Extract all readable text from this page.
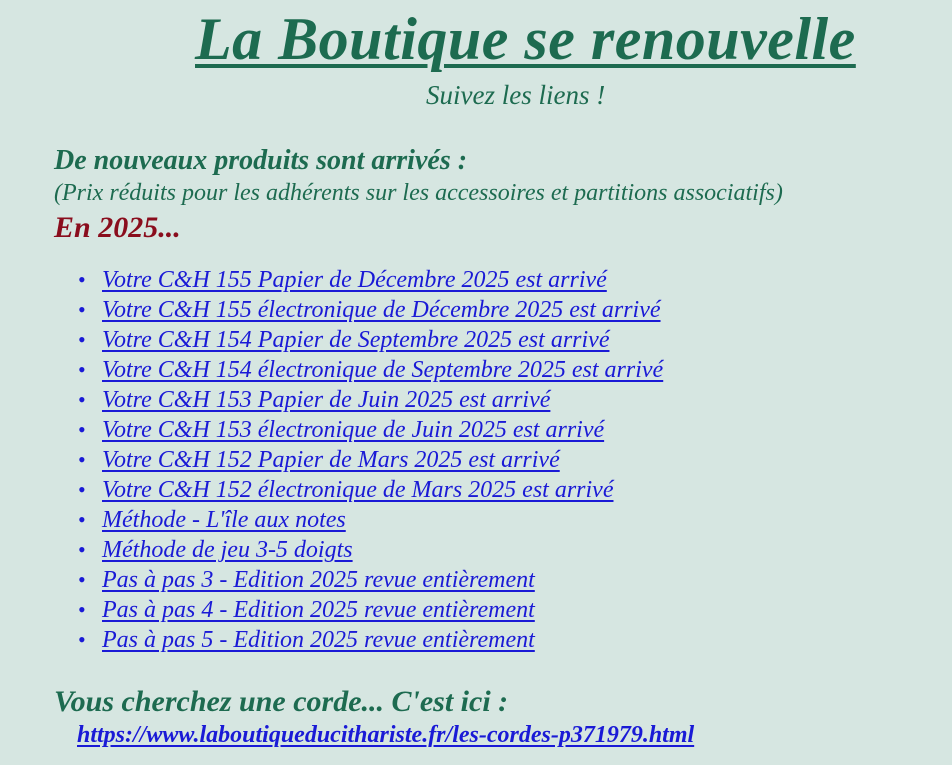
La Boutique se renouvelle
Suivez les liens !
De nouveaux produits sont arrivés :
(Prix réduits pour les adhérents sur les accessoires et partitions associatifs)
En 2025...
• Votre C&H 155 Papier de Décembre 2025 est arrivé
• Votre C&H 155 électronique de Décembre 2025 est arrivé
• Votre C&H 154 Papier de Septembre 2025 est arrivé
• Votre C&H 154 électronique de Septembre 2025 est arrivé
• Votre C&H 153 Papier de Juin 2025 est arrivé
• Votre C&H 153 électronique de Juin 2025 est arrivé
• Votre C&H 152 Papier de Mars 2025 est arrivé
• Votre C&H 152 électronique de Mars 2025 est arrivé
• Méthode - L'île aux notes
• Méthode de jeu 3-5 doigts
• Pas à pas 3 - Edition 2025 revue entièrement
• Pas à pas 4 - Edition 2025 revue entièrement
• Pas à pas 5 - Edition 2025 revue entièrement
Vous cherchez une corde... C'est ici :
https://www.laboutiqueducithariste.fr/les-cordes-p371979.html
